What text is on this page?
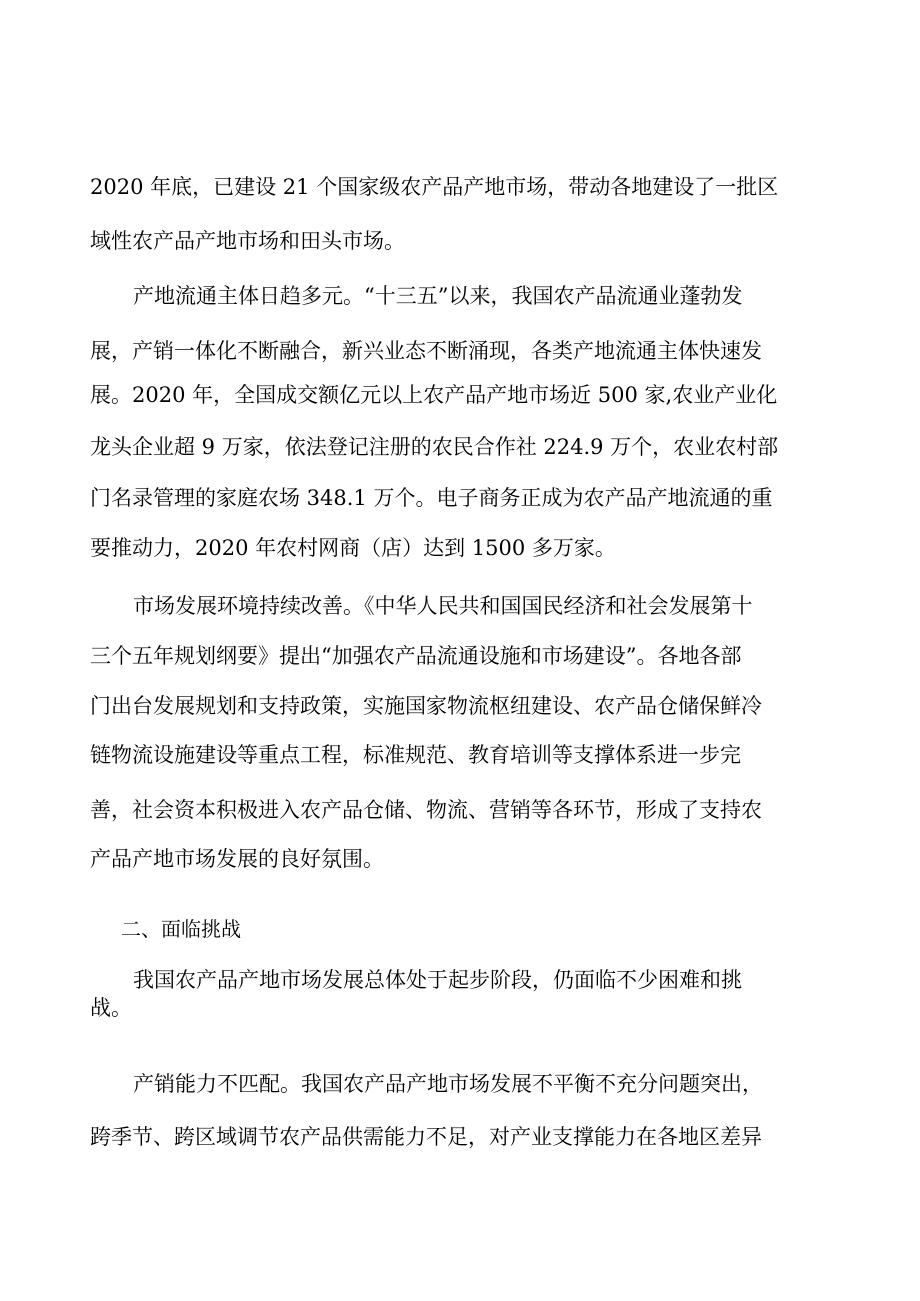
2020 年底，已建设 21 个国家级农产品产地市场，带动各地建设了一批区
域性农产品产地市场和田头市场。
产地流通主体日趋多元。“十三五”以来，我国农产品流通业蓬勃发
展，产销一体化不断融合，新兴业态不断涌现，各类产地流通主体快速发
展。2020 年，全国成交额亿元以上农产品产地市场近 500 家,农业产业化
龙头企业超 9 万家，依法登记注册的农民合作社 224.9 万个，农业农村部
门名录管理的家庭农场 348.1 万个。电子商务正成为农产品产地流通的重
要推动力，2020 年农村网商（店）达到 1500 多万家。
市场发展环境持续改善。《中华人民共和国国民经济和社会发展第十
三个五年规划纲要》提出“加强农产品流通设施和市场建设”。各地各部
门出台发展规划和支持政策，实施国家物流枢纽建设、农产品仓储保鲜冷
链物流设施建设等重点工程，标准规范、教育培训等支撑体系进一步完
善，社会资本积极进入农产品仓储、物流、营销等各环节，形成了支持农
产品产地市场发展的良好氛围。
二、面临挑战
我国农产品产地市场发展总体处于起步阶段，仍面临不少困难和挑
战。
产销能力不匹配。我国农产品产地市场发展不平衡不充分问题突出，
跨季节、跨区域调节农产品供需能力不足，对产业支撑能力在各地区差异
